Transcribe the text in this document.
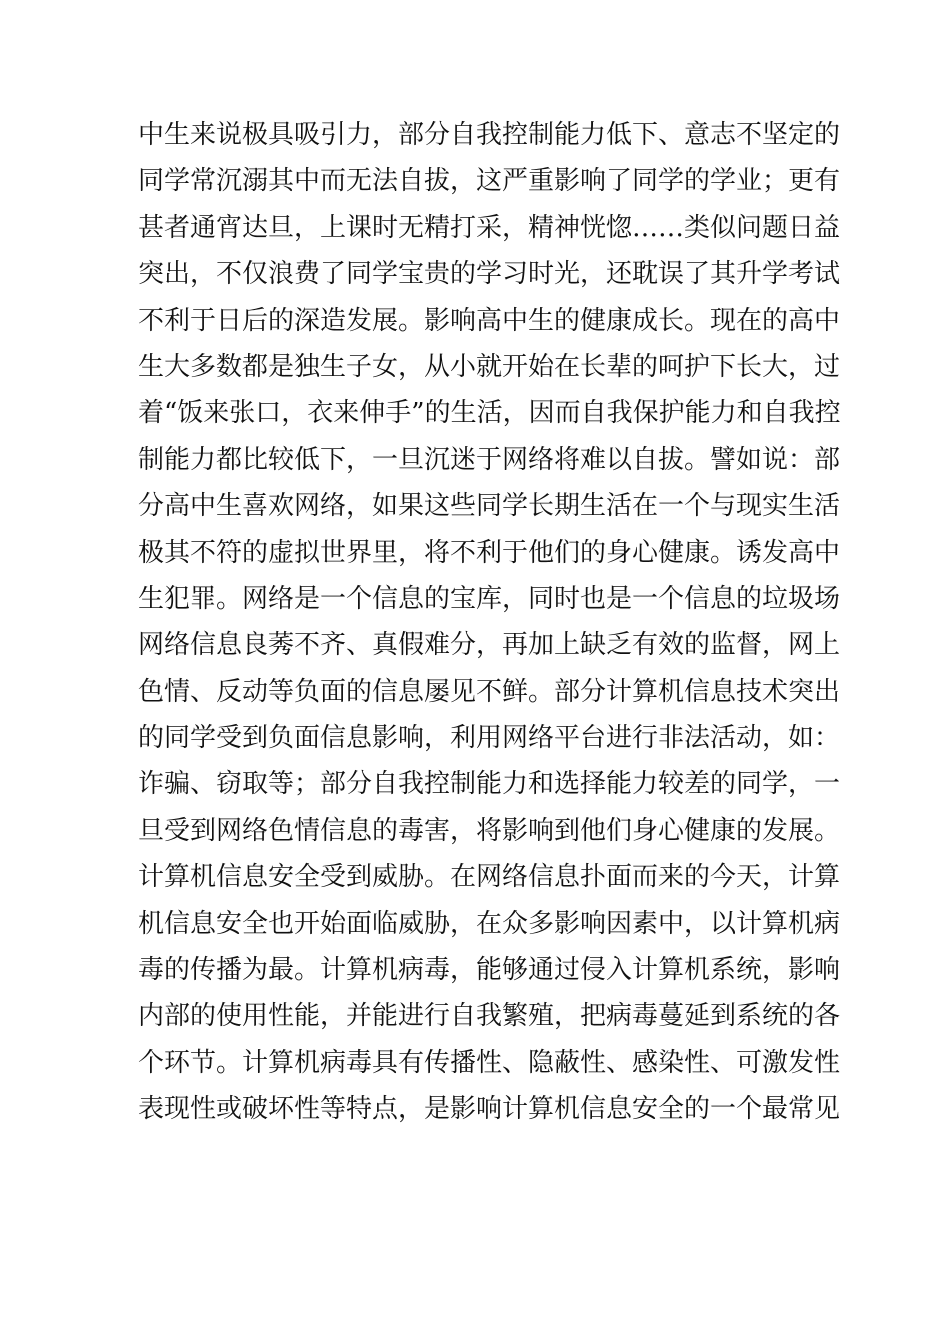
中生来说极具吸引力，部分自我控制能力低下、意志不坚定的
同学常沉溺其中而无法自拔，这严重影响了同学的学业；更有
甚者通宵达旦，上课时无精打采，精神恍惚……类似问题日益
突出，不仅浪费了同学宝贵的学习时光，还耽误了其升学考试
不利于日后的深造发展。影响高中生的健康成长。现在的高中
生大多数都是独生子女，从小就开始在长辈的呵护下长大，过
着“饭来张口，衣来伸手”的生活，因而自我保护能力和自我控
制能力都比较低下，一旦沉迷于网络将难以自拔。譬如说：部
分高中生喜欢网络，如果这些同学长期生活在一个与现实生活
极其不符的虚拟世界里，将不利于他们的身心健康。诱发高中
生犯罪。网络是一个信息的宝库，同时也是一个信息的垃圾场
网络信息良莠不齐、真假难分，再加上缺乏有效的监督，网上
色情、反动等负面的信息屡见不鲜。部分计算机信息技术突出
的同学受到负面信息影响，利用网络平台进行非法活动，如：
诈骗、窃取等；部分自我控制能力和选择能力较差的同学，一
旦受到网络色情信息的毒害，将影响到他们身心健康的发展。
计算机信息安全受到威胁。在网络信息扑面而来的今天，计算
机信息安全也开始面临威胁，在众多影响因素中，以计算机病
毒的传播为最。计算机病毒，能够通过侵入计算机系统，影响
内部的使用性能，并能进行自我繁殖，把病毒蔓延到系统的各
个环节。计算机病毒具有传播性、隐蔽性、感染性、可激发性
表现性或破坏性等特点，是影响计算机信息安全的一个最常见
